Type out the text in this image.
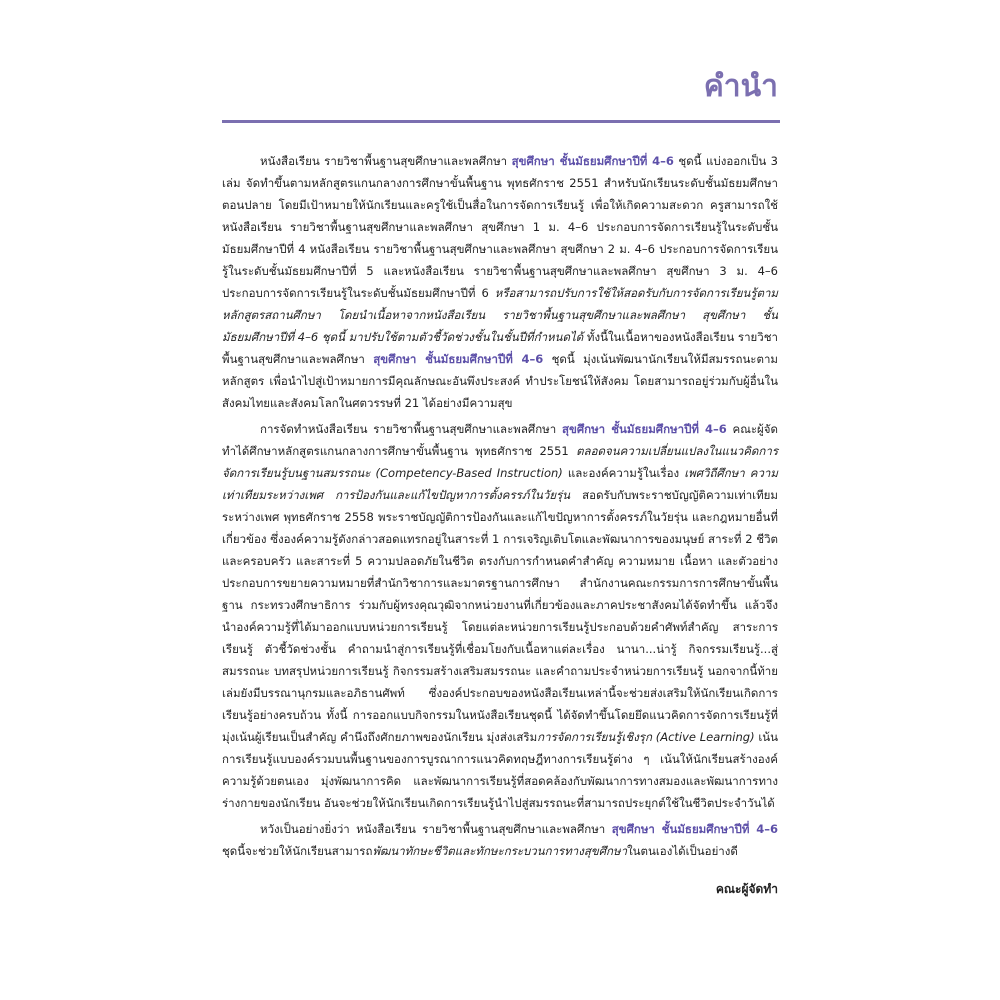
คำนำ

หนังสือเรียน รายวิชาพื้นฐานสุขศึกษาและพลศึกษา สุขศึกษา ชั้นมัธยมศึกษาปีที่ 4–6 ชุดนี้ แบ่งออกเป็น 3 เล่ม จัดทำขึ้นตามหลักสูตรแกนกลางการศึกษาขั้นพื้นฐาน พุทธศักราช 2551 สำหรับนักเรียนระดับชั้นมัธยมศึกษาตอนปลาย โดยมีเป้าหมายให้นักเรียนและครูใช้เป็นสื่อในการจัดการเรียนรู้ เพื่อให้เกิดความสะดวก ครูสามารถใช้หนังสือเรียน รายวิชาพื้นฐานสุขศึกษาและพลศึกษา สุขศึกษา 1 ม. 4–6 ประกอบการจัดการเรียนรู้ในระดับชั้นมัธยมศึกษาปีที่ 4 หนังสือเรียน รายวิชาพื้นฐานสุขศึกษาและพลศึกษา สุขศึกษา 2 ม. 4–6 ประกอบการจัดการเรียนรู้ในระดับชั้นมัธยมศึกษาปีที่ 5 และหนังสือเรียน รายวิชาพื้นฐานสุขศึกษาและพลศึกษา สุขศึกษา 3 ม. 4–6 ประกอบการจัดการเรียนรู้ในระดับชั้นมัธยมศึกษาปีที่ 6 หรือสามารถปรับการใช้ให้สอดรับกับการจัดการเรียนรู้ตามหลักสูตรสถานศึกษา โดยนำเนื้อหาจากหนังสือเรียน รายวิชาพื้นฐานสุขศึกษาและพลศึกษา สุขศึกษา ชั้นมัธยมศึกษาปีที่ 4–6 ชุดนี้ มาปรับใช้ตามตัวชี้วัดช่วงชั้นในชั้นปีที่กำหนดได้ ทั้งนี้ในเนื้อหาของหนังสือเรียน รายวิชาพื้นฐานสุขศึกษาและพลศึกษา สุขศึกษา ชั้นมัธยมศึกษาปีที่ 4–6 ชุดนี้ มุ่งเน้นพัฒนานักเรียนให้มีสมรรถนะตามหลักสูตร เพื่อนำไปสู่เป้าหมายการมีคุณลักษณะอันพึงประสงค์ ทำประโยชน์ให้สังคม โดยสามารถอยู่ร่วมกับผู้อื่นในสังคมไทยและสังคมโลกในศตวรรษที่ 21 ได้อย่างมีความสุข

การจัดทำหนังสือเรียน รายวิชาพื้นฐานสุขศึกษาและพลศึกษา สุขศึกษา ชั้นมัธยมศึกษาปีที่ 4–6 คณะผู้จัดทำได้ศึกษาหลักสูตรแกนกลางการศึกษาขั้นพื้นฐาน พุทธศักราช 2551 ตลอดจนความเปลี่ยนแปลงในแนวคิดการจัดการเรียนรู้บนฐานสมรรถนะ (Competency-Based Instruction) และองค์ความรู้ในเรื่อง เพศวิถีศึกษา ความเท่าเทียมระหว่างเพศ การป้องกันและแก้ไขปัญหาการตั้งครรภ์ในวัยรุ่น สอดรับกับพระราชบัญญัติความเท่าเทียมระหว่างเพศ พุทธศักราช 2558 พระราชบัญญัติการป้องกันและแก้ไขปัญหาการตั้งครรภ์ในวัยรุ่น และกฎหมายอื่นที่เกี่ยวข้อง ซึ่งองค์ความรู้ดังกล่าวสอดแทรกอยู่ในสาระที่ 1 การเจริญเติบโตและพัฒนาการของมนุษย์ สาระที่ 2 ชีวิตและครอบครัว และสาระที่ 5 ความปลอดภัยในชีวิต ตรงกับการกำหนดคำสำคัญ ความหมาย เนื้อหา และตัวอย่างประกอบการขยายความหมายที่สำนักวิชาการและมาตรฐานการศึกษา สำนักงานคณะกรรมการการศึกษาขั้นพื้นฐาน กระทรวงศึกษาธิการ ร่วมกับผู้ทรงคุณวุฒิจากหน่วยงานที่เกี่ยวข้องและภาคประชาสังคมได้จัดทำขึ้น แล้วจึงนำองค์ความรู้ที่ได้มาออกแบบหน่วยการเรียนรู้ โดยแต่ละหน่วยการเรียนรู้ประกอบด้วยคำศัพท์สำคัญ สาระการเรียนรู้ ตัวชี้วัดช่วงชั้น คำถามนำสู่การเรียนรู้ที่เชื่อมโยงกับเนื้อหาแต่ละเรื่อง นานา...น่ารู้ กิจกรรมเรียนรู้...สู่สมรรถนะ บทสรุปหน่วยการเรียนรู้ กิจกรรมสร้างเสริมสมรรถนะ และคำถามประจำหน่วยการเรียนรู้ นอกจากนี้ท้ายเล่มยังมีบรรณานุกรมและอภิธานศัพท์ ซึ่งองค์ประกอบของหนังสือเรียนเหล่านี้จะช่วยส่งเสริมให้นักเรียนเกิดการเรียนรู้อย่างครบถ้วน ทั้งนี้ การออกแบบกิจกรรมในหนังสือเรียนชุดนี้ ได้จัดทำขึ้นโดยยึดแนวคิดการจัดการเรียนรู้ที่มุ่งเน้นผู้เรียนเป็นสำคัญ คำนึงถึงศักยภาพของนักเรียน มุ่งส่งเสริมการจัดการเรียนรู้เชิงรุก (Active Learning) เน้นการเรียนรู้แบบองค์รวมบนพื้นฐานของการบูรณาการแนวคิดทฤษฎีทางการเรียนรู้ต่าง ๆ เน้นให้นักเรียนสร้างองค์ความรู้ด้วยตนเอง มุ่งพัฒนาการคิด และพัฒนาการเรียนรู้ที่สอดคล้องกับพัฒนาการทางสมองและพัฒนาการทางร่างกายของนักเรียน อันจะช่วยให้นักเรียนเกิดการเรียนรู้นำไปสู่สมรรถนะที่สามารถประยุกต์ใช้ในชีวิตประจำวันได้

หวังเป็นอย่างยิ่งว่า หนังสือเรียน รายวิชาพื้นฐานสุขศึกษาและพลศึกษา สุขศึกษา ชั้นมัธยมศึกษาปีที่ 4–6 ชุดนี้จะช่วยให้นักเรียนสามารถพัฒนาทักษะชีวิตและทักษะกระบวนการทางสุขศึกษาในตนเองได้เป็นอย่างดี

คณะผู้จัดทำ
